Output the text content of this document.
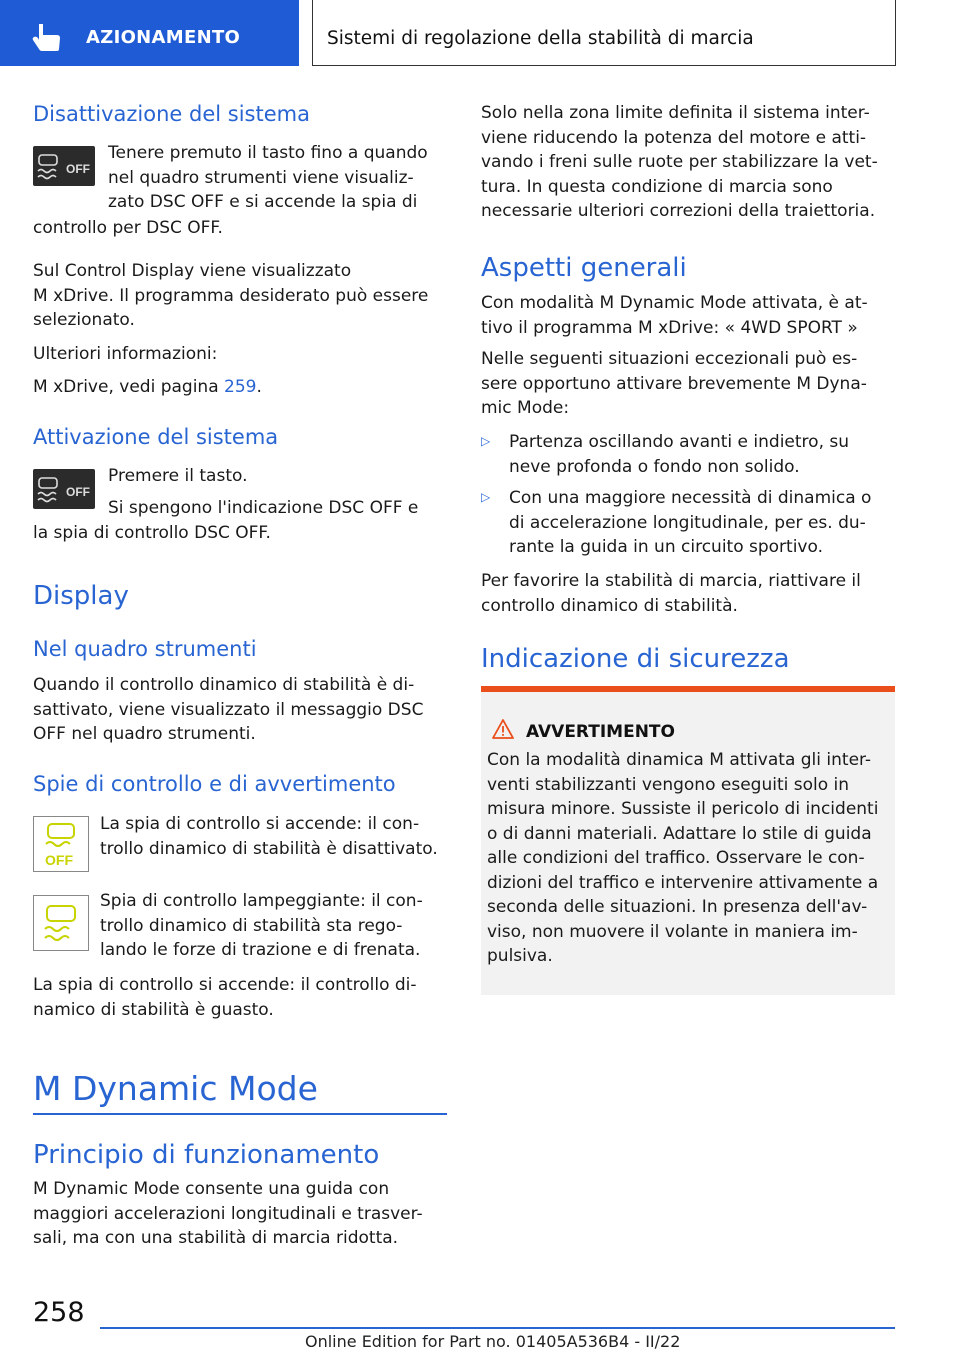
AZIONAMENTO	Sistemi di regolazione della stabilità di marcia
Disattivazione del sistema
OFF
Tenere premuto il tasto fino a quando
nel quadro strumenti viene visualiz-
zato DSC OFF e si accende la spia di
controllo per DSC OFF.
Sul Control Display viene visualizzato
M xDrive. Il programma desiderato può essere
selezionato.
Ulteriori informazioni:
M xDrive, vedi pagina 259.
Attivazione del sistema
OFF
Premere il tasto.
Si spengono l'indicazione DSC OFF e
la spia di controllo DSC OFF.
Display
Nel quadro strumenti
Quando il controllo dinamico di stabilità è di-
sattivato, viene visualizzato il messaggio DSC
OFF nel quadro strumenti.
Spie di controllo e di avvertimento
OFF
La spia di controllo si accende: il con-
trollo dinamico di stabilità è disattivato.
Spia di controllo lampeggiante: il con-
trollo dinamico di stabilità sta rego-
lando le forze di trazione e di frenata.
La spia di controllo si accende: il controllo di-
namico di stabilità è guasto.
M Dynamic Mode
Principio di funzionamento
M Dynamic Mode consente una guida con
maggiori accelerazioni longitudinali e trasver-
sali, ma con una stabilità di marcia ridotta.
Solo nella zona limite definita il sistema inter-
viene riducendo la potenza del motore e atti-
vando i freni sulle ruote per stabilizzare la vet-
tura. In questa condizione di marcia sono
necessarie ulteriori correzioni della traiettoria.
Aspetti generali
Con modalità M Dynamic Mode attivata, è at-
tivo il programma M xDrive: « 4WD SPORT »
Nelle seguenti situazioni eccezionali può es-
sere opportuno attivare brevemente M Dyna-
mic Mode:
▷ Partenza oscillando avanti e indietro, su
neve profonda o fondo non solido.
▷ Con una maggiore necessità di dinamica o
di accelerazione longitudinale, per es. du-
rante la guida in un circuito sportivo.
Per favorire la stabilità di marcia, riattivare il
controllo dinamico di stabilità.
Indicazione di sicurezza
AVVERTIMENTO
Con la modalità dinamica M attivata gli inter-
venti stabilizzanti vengono eseguiti solo in
misura minore. Sussiste il pericolo di incidenti
o di danni materiali. Adattare lo stile di guida
alle condizioni del traffico. Osservare le con-
dizioni del traffico e intervenire attivamente a
seconda delle situazioni. In presenza dell'av-
viso, non muovere il volante in maniera im-
pulsiva.
258
Online Edition for Part no. 01405A536B4 - II/22
